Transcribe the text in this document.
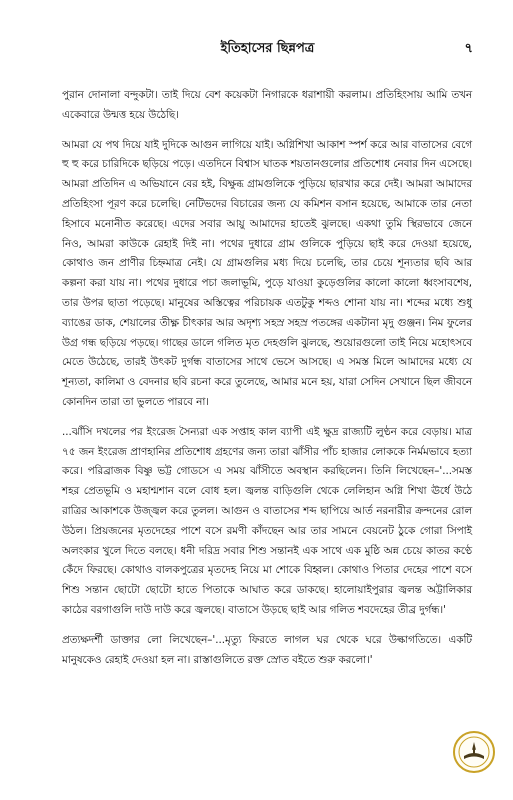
ইতিহাসের ছিন্নপত্র	৭

পুরান দোনালা বন্দুকটা। তাই দিয়ে বেশ কয়েকটা নিগারকে ধরাশায়ী করলাম। প্রতিহিংসায় আমি তখন একেবারে উন্মত্ত হয়ে উঠেছি।

আমরা যে পথ দিয়ে যাই দুদিকে আগুন লাগিয়ে যাই। অগ্নিশিখা আকাশ স্পর্শ করে আর বাতাসের বেগে হু হু করে চারিদিকে ছড়িয়ে পড়ে। এতদিনে বিশ্বাস ঘাতক শয়তানগুলোর প্রতিশোধ নেবার দিন এসেছে। আমরা প্রতিদিন এ অভিযানে বের হই, বিক্ষুব্ধ গ্রামগুলিকে পুড়িয়ে ছারখার করে দেই। আমরা আমাদের প্রতিহিংসা পূরণ করে চলেছি। নেটিভদের বিচারের জন্য যে কমিশন বসান হয়েছে, আমাকে তার নেতা হিসাবে মনোনীত করেছে। এদের সবার আয়ু আমাদের হাতেই ঝুলছে। একথা তুমি স্থিরভাবে জেনে নিও, আমরা কাউকে রেহাই দিই না। পথের দুধারে গ্রাম গুলিকে পুড়িয়ে ছাই করে দেওয়া হয়েছে, কোথাও জন প্রাণীর চিহ্নমাত্র নেই। যে গ্রামগুলির মধ্য দিয়ে চলেছি, তার চেয়ে শূন্যতার ছবি আর কল্পনা করা যায় না। পথের দুধারে পচা জলাভূমি, পুড়ে যাওয়া কুড়েগুলির কালো কালো ধ্বংসাবশেষ, তার উপর ছাতা পড়েছে। মানুষের অস্তিত্বের পরিচায়ক এতটুকু শব্দও শোনা যায় না। শব্দের মধ্যে শুধু ব্যাঙের ডাক, শেয়ালের তীক্ষ্ণ চীৎকার আর অদৃশ্য সহস্র সহস্র পতঙ্গের একটানা মৃদু গুঞ্জন। নিম ফুলের উগ্র গন্ধ ছড়িয়ে পড়ছে। গাছের ডালে গলিত মৃত দেহগুলি ঝুলছে, শুয়োরগুলো তাই নিয়ে মহোৎসবে মেতে উঠেছে, তারই উৎকট দুর্গন্ধ বাতাসের সাথে ভেসে আসছে। এ সমস্ত মিলে আমাদের মধ্যে যে শূন্যতা, কালিমা ও বেদনার ছবি রচনা করে তুলেছে, আমার মনে হয়, যারা সেদিন সেখানে ছিল জীবনে কোনদিন তারা তা ভুলতে পারবে না।

...ঝাঁসি দখলের পর ইংরেজ সৈন্যরা এক সপ্তাহ কাল ব্যাপী এই ক্ষুদ্র রাজ্যটি লুণ্ঠন করে বেড়ায়। মাত্র ৭৫ জন ইংরেজ প্রাণহানির প্রতিশোধ গ্রহণের জন্য তারা ঝাঁসীর পাঁচ হাজার লোককে নির্মমভাবে হত্যা করে। পরিব্রাজক বিষ্ণু ভট্ট গোডসে এ সময় ঝাঁসীতে অবস্থান করছিলেন। তিনি লিখেছেন–'...সমস্ত শহর প্রেতভূমি ও মহাশ্মশান বলে বোধ হল। জ্বলন্ত বাড়িগুলি থেকে লেলিহান অগ্নি শিখা ঊর্ধে উঠে রাত্রির আকাশকে উজ্জ্বল করে তুলল। আগুন ও বাতাসের শব্দ ছাপিয়ে আর্ত নরনারীর ক্রন্দনের রোল উঠল। প্রিয়জনের মৃতদেহের পাশে বসে রমণী কাঁদছেন আর তার সামনে বেয়নেট ঠুকে গোরা সিপাই অলংকার খুলে দিতে বলছে। ধনী দরিদ্র সবার শিশু সন্তানই এক সাথে এক মুষ্ঠি অন্ন চেয়ে কাতর কণ্ঠে কেঁদে ফিরছে। কোথাও বালকপুত্রের মৃতদেহ নিয়ে মা শোকে বিহ্বল। কোথাও পিতার দেহের পাশে বসে শিশু সন্তান ছোটো ছোটো হাতে পিতাকে আঘাত করে ডাকছে। হালোয়াইপুরার জ্বলন্ত অট্টালিকার কাঠের বরগাগুলি দাউ দাউ করে জ্বলছে। বাতাসে উড়ছে ছাই আর গলিত শবদেহের তীব্র দুর্গন্ধ।'

প্রত্যক্ষদর্শী ডাক্তার লো লিখেছেন–'...মৃত্যু ফিরতে লাগল ঘর থেকে ঘরে উল্কাগতিতে। একটি মানুষকেও রেহাই দেওয়া হল না। রাস্তাগুলিতে রক্ত স্রোত বইতে শুরু করলো।'
